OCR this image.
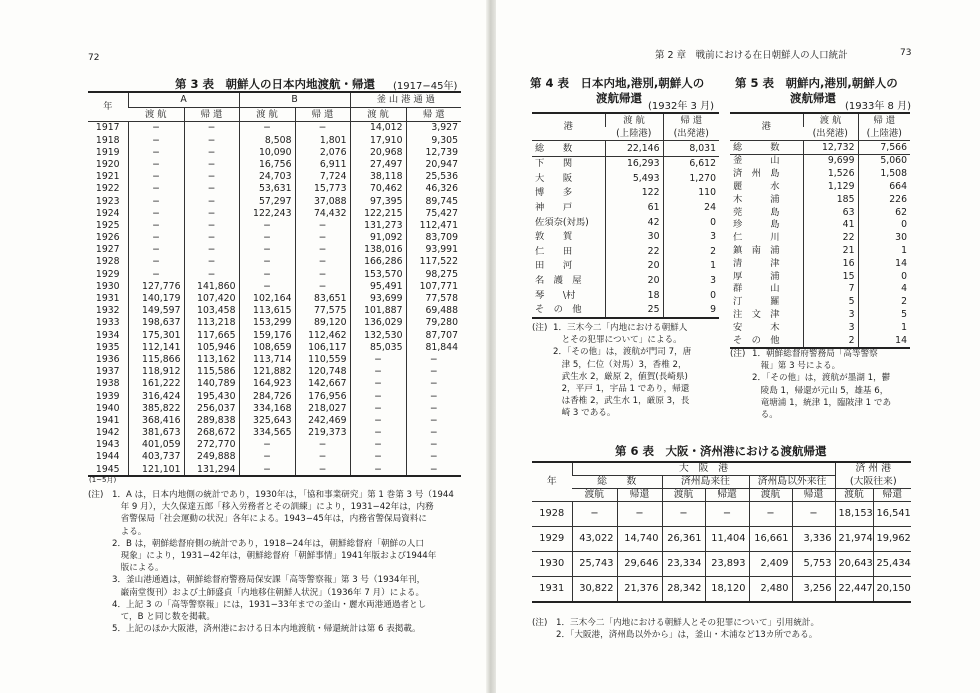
72
第 3 表　朝鮮人の日本内地渡航・帰還 (1917−45年)
年	A		B		釜 山 港 通 過	
	渡 航	帰 還	渡 航	帰 還	渡 航	帰 還
1917	−	−	−	−	14,012	3,927
1918	−	−	8,508	1,801	17,910	9,305
1919	−	−	10,090	2,076	20,968	12,739
1920	−	−	16,756	6,911	27,497	20,947
1921	−	−	24,703	7,724	38,118	25,536
1922	−	−	53,631	15,773	70,462	46,326
1923	−	−	57,297	37,088	97,395	89,745
1924	−	−	122,243	74,432	122,215	75,427
1925	−	−	−	−	131,273	112,471
1926	−	−	−	−	91,092	83,709
1927	−	−	−	−	138,016	93,991
1928	−	−	−	−	166,286	117,522
1929	−	−	−	−	153,570	98,275
1930	127,776	141,860	−	−	95,491	107,771
1931	140,179	107,420	102,164	83,651	93,699	77,578
1932	149,597	103,458	113,615	77,575	101,887	69,488
1933	198,637	113,218	153,299	89,120	136,029	79,280
1934	175,301	117,665	159,176	112,462	132,530	87,707
1935	112,141	105,946	108,659	106,117	85,035	81,844
1936	115,866	113,162	113,714	110,559	−	−
1937	118,912	115,586	121,882	120,748	−	−
1938	161,222	140,789	164,923	142,667	−	−
1939	316,424	195,430	284,726	176,956	−	−
1940	385,822	256,037	334,168	218,027	−	−
1941	368,416	289,838	325,643	242,469	−	−
1942	381,673	268,672	334,565	219,373	−	−
1943	401,059	272,770	−	−	−	−
1944	403,737	249,888	−	−	−	−
1945	121,101	131,294	−	−	−	−
(1~5月)
(注) 1．A は，日本内地側の統計であり，1930年は，「協和事業研究」第 1 巻第 3 号（1944
　年 9 月），大久保達五郎「移入労務者とその訓練」により，1931−42年は，内務
　省警保局「社会運動の状況」各年による。1943−45年は，内務省警保局資料に
　よる。
2．B は，朝鮮総督府側の統計であり，1918−24年は，朝鮮総督府「朝鮮の人口
　現象」により，1931−42年は，朝鮮総督府「朝鮮事情」1941年版および1944年
　版による。
3．釜山港通過は，朝鮮総督府警務局保安課「高等警察報」第 3 号（1934年刊，
　巌南堂復刊）および土師盛貞「内地移住朝鮮人状況」（1936年 7 月）による。
4．上記 3 の「高等警察報」には，1931−33年までの釜山・麗水両港通過者とし
　て，B と同じ数を掲載。
5．上記のほか大阪港，済州港における日本内地渡航・帰還統計は第 6 表掲載。
第 2 章　戦前における在日朝鮮人の人口統計	73
第 4 表　日本内地,港別,朝鮮人の
渡航帰還
(1932年 3 月)
港	渡 航	帰 還
	(上陸港)	(出発港)
総　　数	22,146	8,031
下　　関	16,293	6,612
大　　阪	5,493	1,270
博　　多	122	110
神　　戸	61	24
佐須奈(対馬)	42	0
敦　　賀	30	3
仁　　田	22	2
田　　河	20	1
名　護　屋	20	3
琴　　\村	18	0
そ　の　他	25	9
(注) 1．三木今二「内地における朝鮮人
　とその犯罪について」による。
2．「その他」は，渡航が門司 7，唐
　津 5，仁位（対馬）3，香椎 2，
　武生水 2，厳原 2，値賀(長崎県)
　2，平戸 1，宇品 1 であり，帰還
　は香椎 2，武生水 1，厳原 3，長
　崎 3 である。
第 5 表　朝鮮内,港別,朝鮮人の
渡航帰還
(1933年 8 月)
港	渡 航	帰 還
	(出発港)	(上陸港)
総　　　数	12,732	7,566
釜　　　山	9,699	5,060
済　州　島	1,526	1,508
麗　　　水	1,129	664
木　　　浦	185	226
莞　　　島	63	62
珍　　　島	41	0
仁　　　川	22	30
鎮　南　浦	21	1
清　　　津	16	14
厚　　　浦	15	0
群　　　山	7	4
汀　　　羅	5	2
注　文　津	3	5
安　　　木	3	1
そ　の　他	2	14
(注) 1．朝鮮総督府警務局「高等警察
　報」第 3 号による。
2．「その他」は，渡航が墨湖 1，鬱
　陵島 1，帰還が元山 5，雄基 6，
　竜塘浦 1，統津 1，臨陂津 1 であ
　る。
第 6 表　大阪・済州港における渡航帰還
年	大　阪　港						済 州 港	
	総　　数		済州島来往		済州島以外来往		(大阪往来)	
	渡航	帰還	渡航	帰還	渡航	帰還	渡航	帰還
1928	−	−	−	−	−	−	18,153	16,541
1929	43,022	14,740	26,361	11,404	16,661	3,336	21,974	19,962
1930	25,743	29,646	23,334	23,893	2,409	5,753	20,643	25,434
1931	30,822	21,376	28,342	18,120	2,480	3,256	22,447	20,150
(注) 1．三木今二「内地における朝鮮人とその犯罪について」引用統計。
2．「大阪港，済州島以外から」は，釜山・木浦など13カ所である。
